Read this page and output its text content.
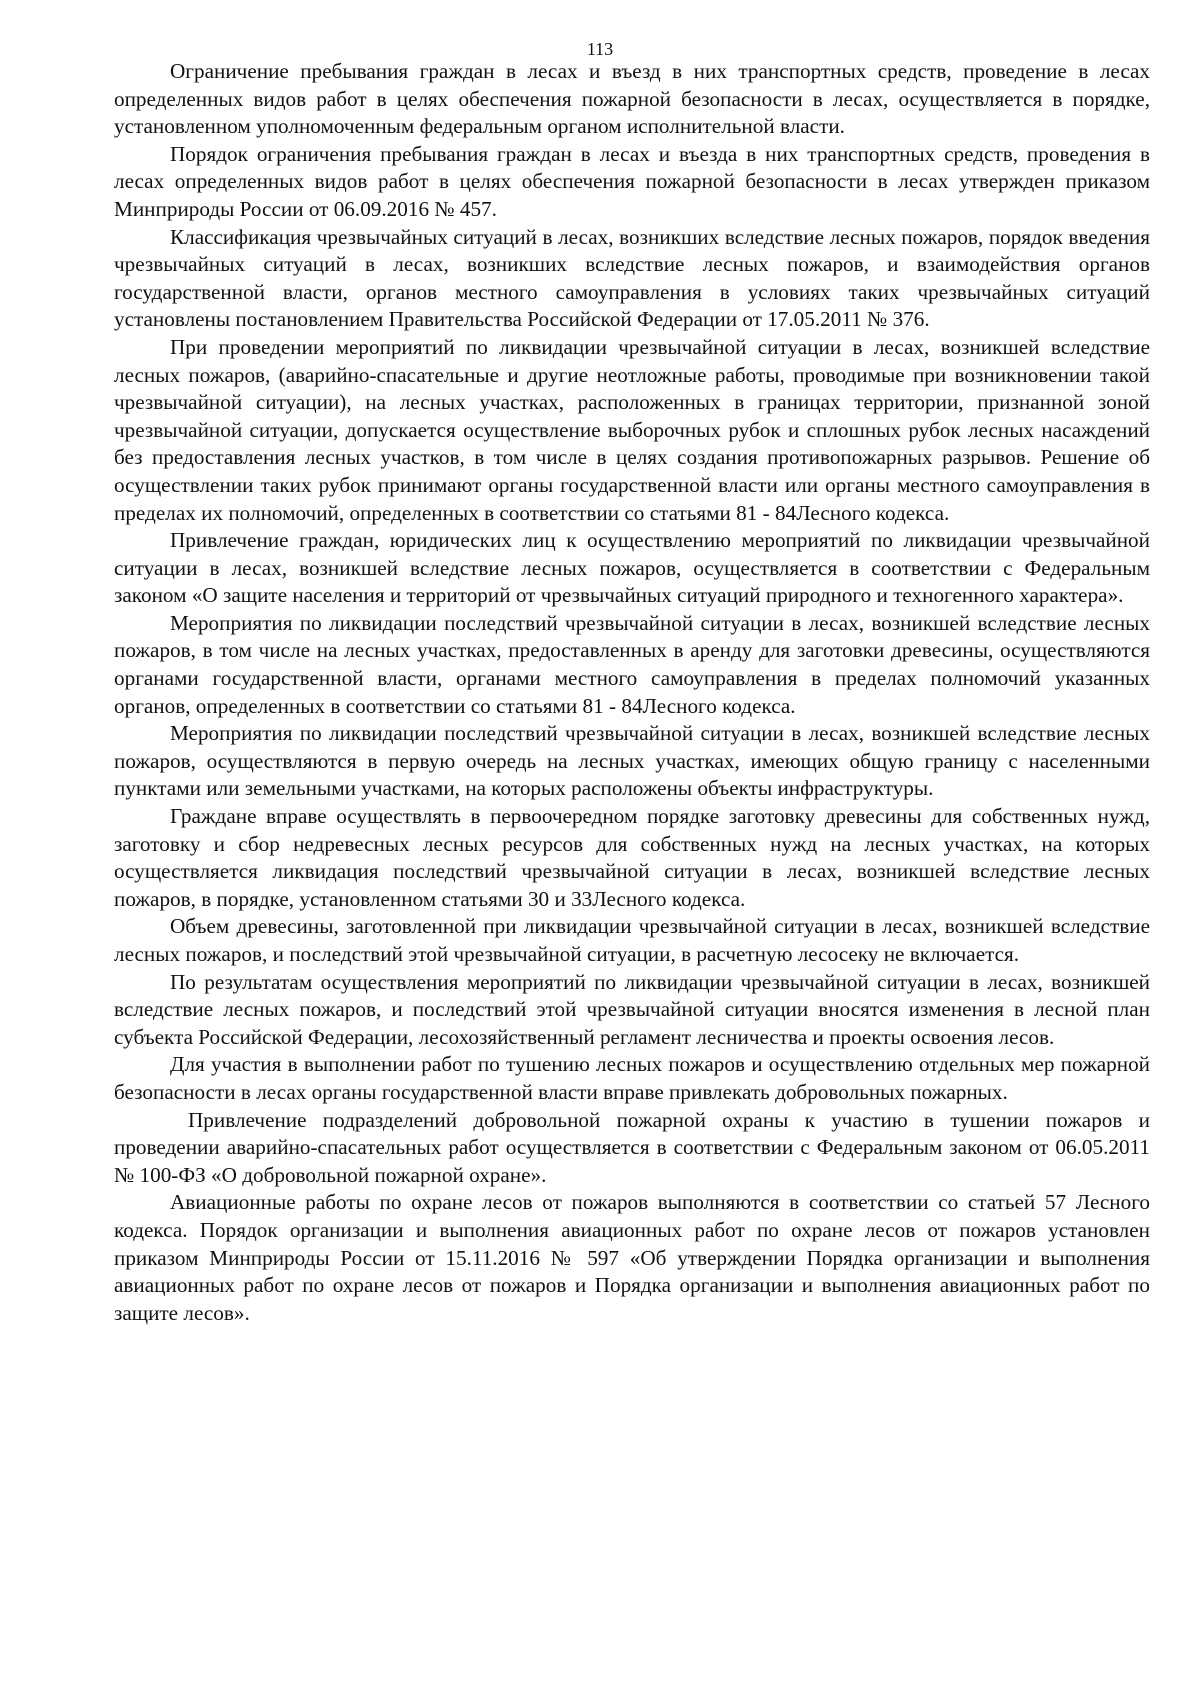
113

Ограничение пребывания граждан в лесах и въезд в них транспортных средств, проведение в лесах определенных видов работ в целях обеспечения пожарной безопасности в лесах, осуществляется в порядке, установленном уполномоченным федеральным органом исполнительной власти.

Порядок ограничения пребывания граждан в лесах и въезда в них транспортных средств, проведения в лесах определенных видов работ в целях обеспечения пожарной безопасности в лесах утвержден приказом Минприроды России от 06.09.2016 № 457.

Классификация чрезвычайных ситуаций в лесах, возникших вследствие лесных пожаров, порядок введения чрезвычайных ситуаций в лесах, возникших вследствие лесных пожаров, и взаимодействия органов государственной власти, органов местного самоуправления в условиях таких чрезвычайных ситуаций установлены постановлением Правительства Российской Федерации от 17.05.2011 № 376.

При проведении мероприятий по ликвидации чрезвычайной ситуации в лесах, возникшей вследствие лесных пожаров, (аварийно-спасательные и другие неотложные работы, проводимые при возникновении такой чрезвычайной ситуации), на лесных участках, расположенных в границах территории, признанной зоной чрезвычайной ситуации, допускается осуществление выборочных рубок и сплошных рубок лесных насаждений без предоставления лесных участков, в том числе в целях создания противопожарных разрывов. Решение об осуществлении таких рубок принимают органы государственной власти или органы местного самоуправления в пределах их полномочий, определенных в соответствии со статьями 81 - 84Лесного кодекса.

Привлечение граждан, юридических лиц к осуществлению мероприятий по ликвидации чрезвычайной ситуации в лесах, возникшей вследствие лесных пожаров, осуществляется в соответствии с Федеральным законом «О защите населения и территорий от чрезвычайных ситуаций природного и техногенного характера».

Мероприятия по ликвидации последствий чрезвычайной ситуации в лесах, возникшей вследствие лесных пожаров, в том числе на лесных участках, предоставленных в аренду для заготовки древесины, осуществляются органами государственной власти, органами местного самоуправления в пределах полномочий указанных органов, определенных в соответствии со статьями 81 - 84Лесного кодекса.

Мероприятия по ликвидации последствий чрезвычайной ситуации в лесах, возникшей вследствие лесных пожаров, осуществляются в первую очередь на лесных участках, имеющих общую границу с населенными пунктами или земельными участками, на которых расположены объекты инфраструктуры.

Граждане вправе осуществлять в первоочередном порядке заготовку древесины для собственных нужд, заготовку и сбор недревесных лесных ресурсов для собственных нужд на лесных участках, на которых осуществляется ликвидация последствий чрезвычайной ситуации в лесах, возникшей вследствие лесных пожаров, в порядке, установленном статьями 30 и 33Лесного кодекса.

Объем древесины, заготовленной при ликвидации чрезвычайной ситуации в лесах, возникшей вследствие лесных пожаров, и последствий этой чрезвычайной ситуации, в расчетную лесосеку не включается.

По результатам осуществления мероприятий по ликвидации чрезвычайной ситуации в лесах, возникшей вследствие лесных пожаров, и последствий этой чрезвычайной ситуации вносятся изменения в лесной план субъекта Российской Федерации, лесохозяйственный регламент лесничества и проекты освоения лесов.

Для участия в выполнении работ по тушению лесных пожаров и осуществлению отдельных мер пожарной безопасности в лесах органы государственной власти вправе привлекать добровольных пожарных.

Привлечение подразделений добровольной пожарной охраны к участию в тушении пожаров и проведении аварийно-спасательных работ осуществляется в соответствии с Федеральным законом от 06.05.2011 № 100-ФЗ «О добровольной пожарной охране».

Авиационные работы по охране лесов от пожаров выполняются в соответствии со статьей 57 Лесного кодекса. Порядок организации и выполнения авиационных работ по охране лесов от пожаров установлен приказом Минприроды России от 15.11.2016 № 597 «Об утверждении Порядка организации и выполнения авиационных работ по охране лесов от пожаров и Порядка организации и выполнения авиационных работ по защите лесов».
